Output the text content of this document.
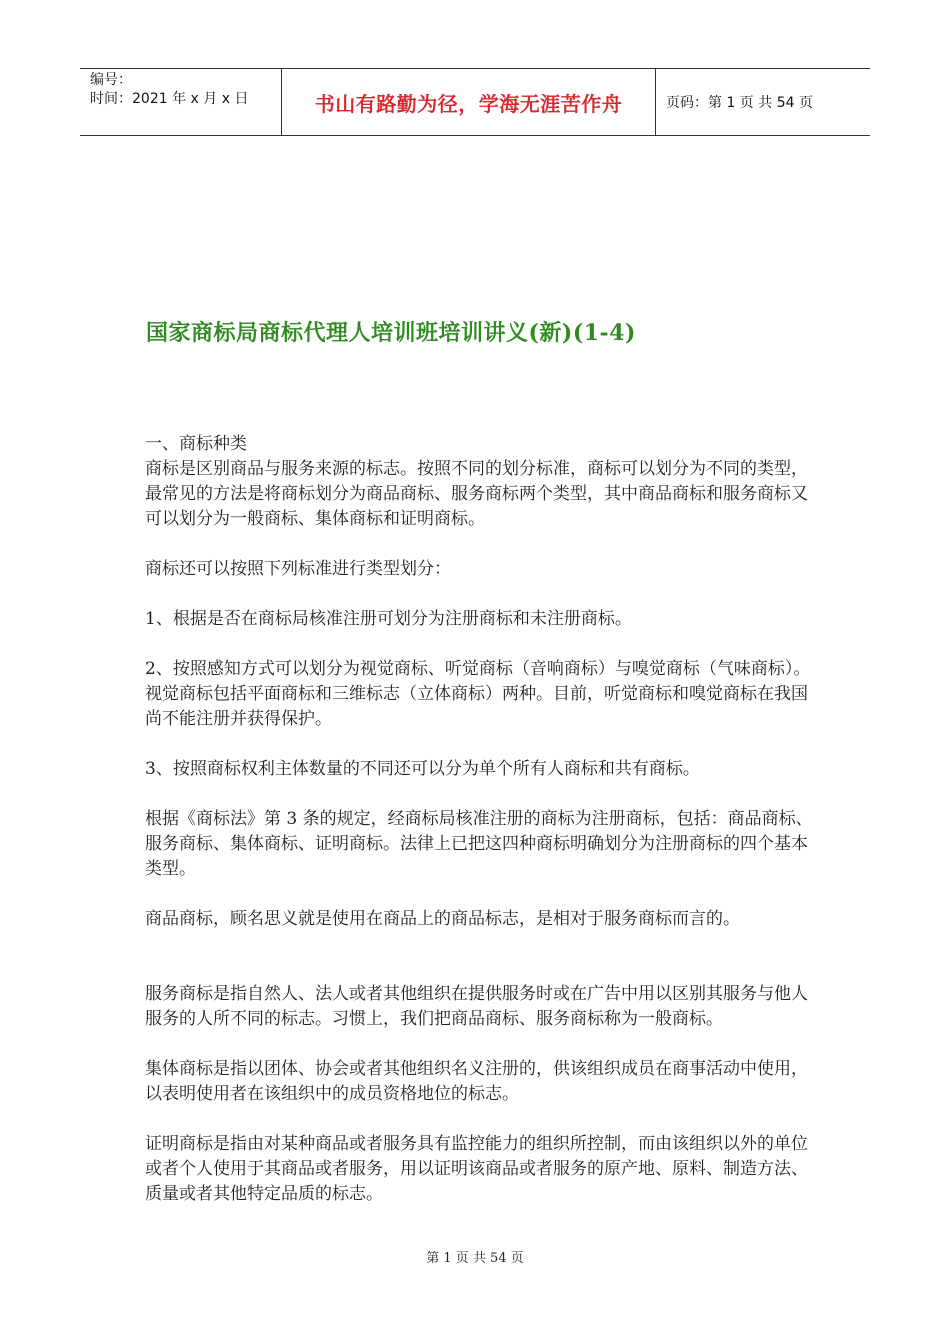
编号：
时间：2021 年 x 月 x 日	书山有路勤为径，学海无涯苦作舟	页码：第 1 页 共 54 页
国家商标局商标代理人培训班培训讲义(新)(1-4)

一、商标种类

商标是区别商品与服务来源的标志。按照不同的划分标准，商标可以划分为不同的类型，最常见的方法是将商标划分为商品商标、服务商标两个类型，其中商品商标和服务商标又可以划分为一般商标、集体商标和证明商标。

商标还可以按照下列标准进行类型划分：

1、根据是否在商标局核准注册可划分为注册商标和未注册商标。

2、按照感知方式可以划分为视觉商标、听觉商标（音响商标）与嗅觉商标（气味商标）。视觉商标包括平面商标和三维标志（立体商标）两种。目前，听觉商标和嗅觉商标在我国尚不能注册并获得保护。

3、按照商标权利主体数量的不同还可以分为单个所有人商标和共有商标。

根据《商标法》第 3 条的规定，经商标局核准注册的商标为注册商标，包括：商品商标、服务商标、集体商标、证明商标。法律上已把这四种商标明确划分为注册商标的四个基本类型。

商品商标，顾名思义就是使用在商品上的商品标志，是相对于服务商标而言的。

服务商标是指自然人、法人或者其他组织在提供服务时或在广告中用以区别其服务与他人服务的人所不同的标志。习惯上，我们把商品商标、服务商标称为一般商标。

集体商标是指以团体、协会或者其他组织名义注册的，供该组织成员在商事活动中使用，以表明使用者在该组织中的成员资格地位的标志。

证明商标是指由对某种商品或者服务具有监控能力的组织所控制，而由该组织以外的单位或者个人使用于其商品或者服务，用以证明该商品或者服务的原产地、原料、制造方法、质量或者其他特定品质的标志。

第 1 页 共 54 页
